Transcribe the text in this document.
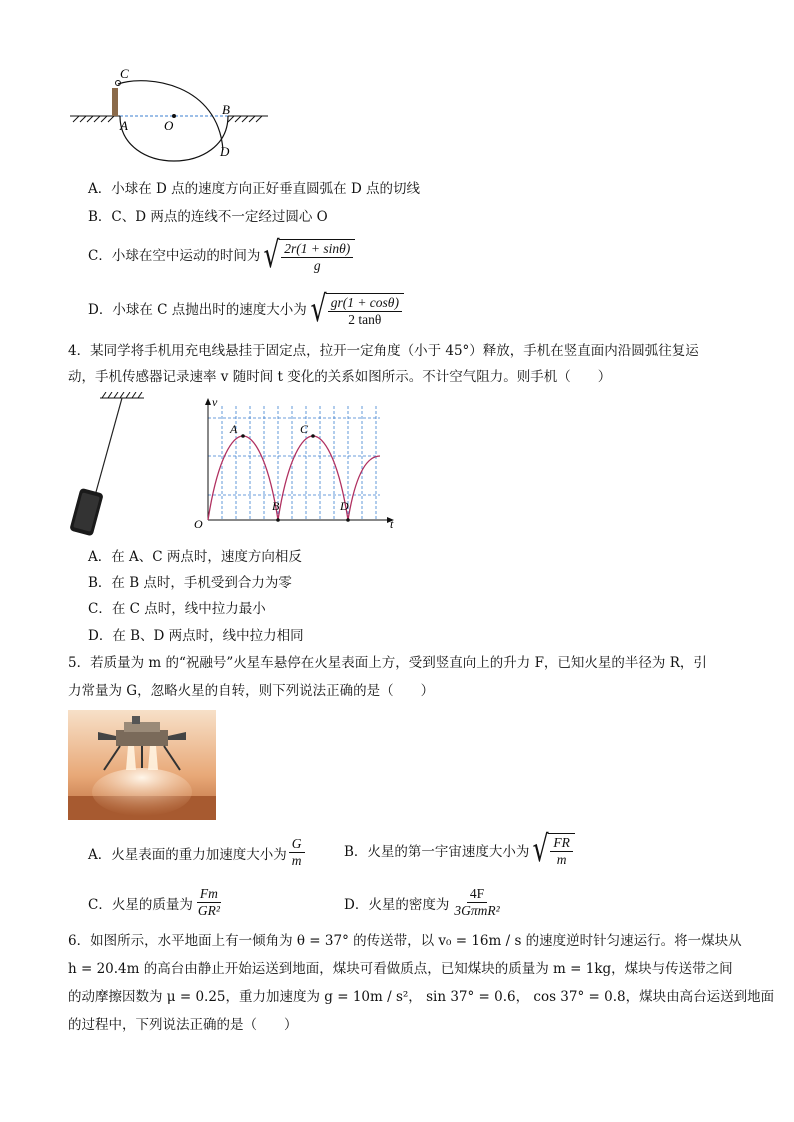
C
A	O
B
D
A．小球在 D 点的速度方向正好垂直圆弧在 D 点的切线
B．C、D 两点的连线不一定经过圆心 O
C．小球在空中运动的时间为 √ $\frac{2r(1 + \sin\theta)}{g}$
D．小球在 C 点抛出时的速度大小为 √ $\frac{gr(1 + \cos\theta)}{2 \tan\theta}$
4．某同学将手机用充电线悬挂于固定点，拉开一定角度（小于 45°）释放，手机在竖直面内沿圆弧往复运
动，手机传感器记录速率 v 随时间 t 变化的关系如图所示。不计空气阻力。则手机（　　）
v
t
O
A
B
C
D
A．在 A、C 两点时，速度方向相反
B．在 B 点时，手机受到合力为零
C．在 C 点时，线中拉力最小
D．在 B、D 两点时，线中拉力相同
5．若质量为 m 的“祝融号”火星车悬停在火星表面上方，受到竖直向上的升力 F，已知火星的半径为 R，引
力常量为 G，忽略火星的自转，则下列说法正确的是（　　）
A．火星表面的重力加速度大小为 $\frac{G}{m}$	B．火星的第一宇宙速度大小为 √ $\frac{FR}{m}$
C．火星的质量为 $\frac{Fm}{\text{GR²}}$	D．火星的密度为 $\frac{4F}{\text{3GπmR²}}$
6．如图所示，水平地面上有一倾角为 θ = 37° 的传送带，以 v₀ = 16m / s 的速度逆时针匀速运行。将一煤块从
h = 20.4m 的高台由静止开始运送到地面，煤块可看做质点，已知煤块的质量为 m = 1kg，煤块与传送带之间
的动摩擦因数为 μ = 0.25，重力加速度为 g = 10m / s²， sin 37° = 0.6， cos 37° = 0.8，煤块由高台运送到地面
的过程中，下列说法正确的是（　　）
